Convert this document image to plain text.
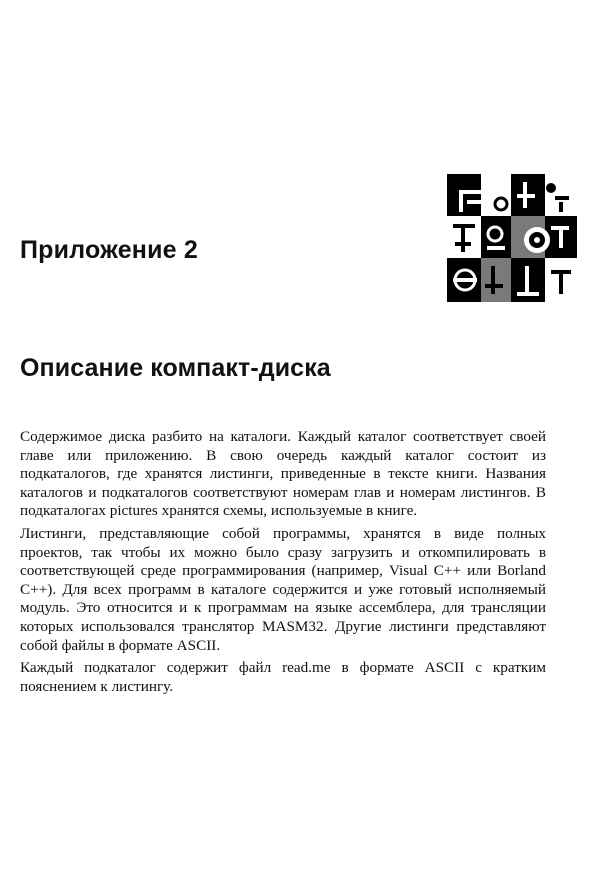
Приложение 2
Описание компакт-диска

Содержимое диска разбито на каталоги. Каждый каталог соответствует своей главе или приложению. В свою очередь каждый каталог состоит из подкаталогов, где хранятся листинги, приведенные в тексте книги. Названия каталогов и подкаталогов соответствуют номерам глав и номерам листингов. В подкаталогах pictures хранятся схемы, используемые в книге.

Листинги, представляющие собой программы, хранятся в виде полных проектов, так чтобы их можно было сразу загрузить и откомпилировать в соответствующей среде программирования (например, Visual C++ или Borland C++). Для всех программ в каталоге содержится и уже готовый исполняемый модуль. Это относится и к программам на языке ассемблера, для трансляции которых использовался транслятор MASM32. Другие листинги представляют собой файлы в формате ASCII.

Каждый подкаталог содержит файл read.me в формате ASCII с кратким пояснением к листингу.
